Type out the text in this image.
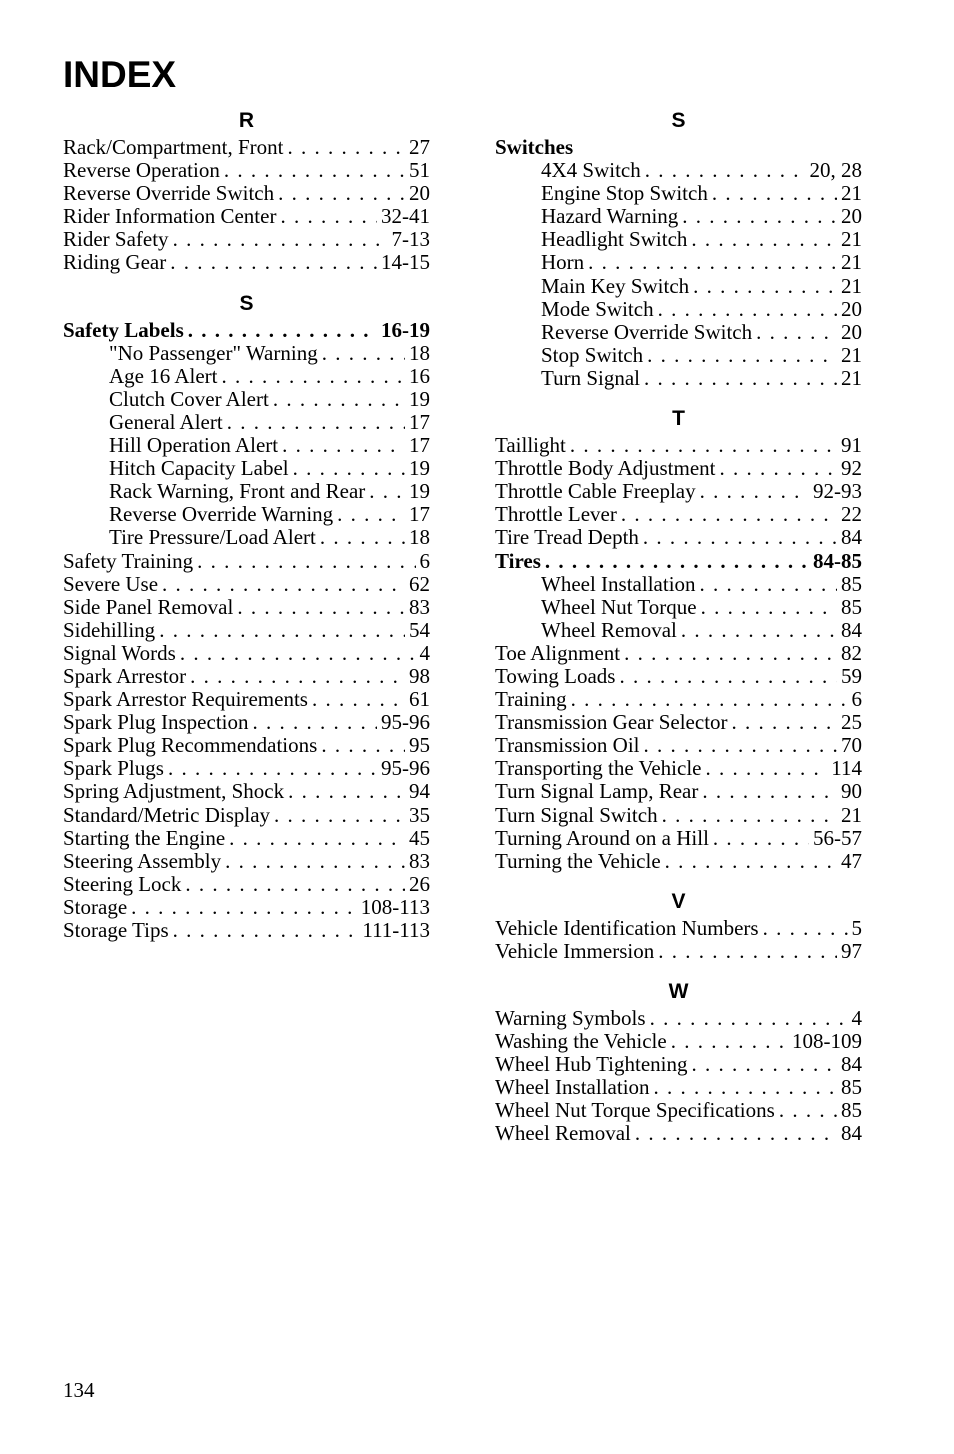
INDEX
R
Rack/Compartment, Front . . .	27
Reverse Operation . . .	51
Reverse Override Switch . . .	20
Rider Information Center . . .	32-41
Rider Safety . . .	7-13
Riding Gear . . .	14-15
S
Safety Labels . . .	16-19
"No Passenger" Warning . . .	18
Age 16 Alert . . .	16
Clutch Cover Alert . . .	19
General Alert . . .	17
Hill Operation Alert . . .	17
Hitch Capacity Label . . .	19
Rack Warning, Front and Rear . . . 19
Reverse Override Warning . . .	17
Tire Pressure/Load Alert . . .	18
Safety Training . . .	6
Severe Use . . .	62
Side Panel Removal . . .	83
Sidehilling . . .	54
Signal Words . . .	4
Spark Arrestor . . .	98
Spark Arrestor Requirements . . .	61
Spark Plug Inspection . . .	95-96
Spark Plug Recommendations . . .	95
Spark Plugs . . .	95-96
Spring Adjustment, Shock . . .	94
Standard/Metric Display . . .	35
Starting the Engine . . .	45
Steering Assembly . . .	83
Steering Lock . . .	26
Storage . . .	108-113
Storage Tips . . .	111-113
S
Switches
4X4 Switch . . .	20, 28
Engine Stop Switch . . .	21
Hazard Warning . . .	20
Headlight Switch . . .	21
Horn . . .	21
Main Key Switch . . .	21
Mode Switch . . .	20
Reverse Override Switch . . .	20
Stop Switch . . .	21
Turn Signal . . .	21
T
Taillight . . .	91
Throttle Body Adjustment . . .	92
Throttle Cable Freeplay . . .	92-93
Throttle Lever . . .	22
Tire Tread Depth . . .	84
Tires . . .	84-85
Wheel Installation . . .	85
Wheel Nut Torque . . .	85
Wheel Removal . . .	84
Toe Alignment . . .	82
Towing Loads . . .	59
Training . . .	6
Transmission Gear Selector . . .	25
Transmission Oil . . .	70
Transporting the Vehicle . . .	114
Turn Signal Lamp, Rear . . .	90
Turn Signal Switch . . .	21
Turning Around on a Hill . . .	56-57
Turning the Vehicle . . .	47
V
Vehicle Identification Numbers . . .	5
Vehicle Immersion . . .	97
W
Warning Symbols . . .	4
Washing the Vehicle . . .	108-109
Wheel Hub Tightening . . .	84
Wheel Installation . . .	85
Wheel Nut Torque Specifications . . .	85
Wheel Removal . . .	84
134
